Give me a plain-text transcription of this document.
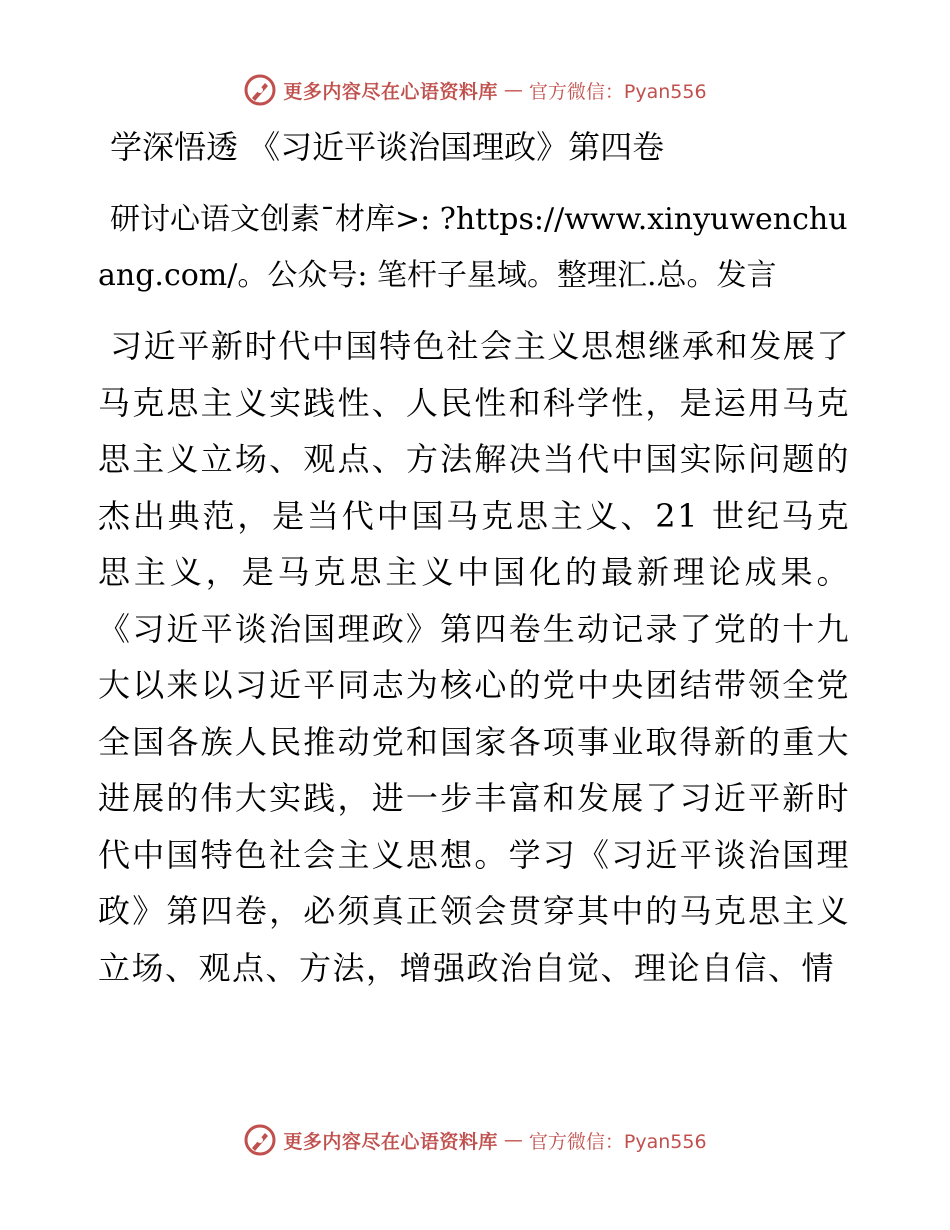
更多内容尽在心语资料库 — 官方微信：Pyan556
学深悟透 《习近平谈治国理政》第四卷

研讨心语文创素¯材库>: ?https://www.xinyuwenchuang.com/。公众号: 笔杆子星域。整理汇.总。发言

习近平新时代中国特色社会主义思想继承和发展了马克思主义实践性、人民性和科学性，是运用马克思主义立场、观点、方法解决当代中国实际问题的杰出典范，是当代中国马克思主义、21 世纪马克思主义，是马克思主义中国化的最新理论成果。《习近平谈治国理政》第四卷生动记录了党的十九大以来以习近平同志为核心的党中央团结带领全党全国各族人民推动党和国家各项事业取得新的重大进展的伟大实践，进一步丰富和发展了习近平新时代中国特色社会主义思想。学习《习近平谈治国理政》第四卷，必须真正领会贯穿其中的马克思主义立场、观点、方法，增强政治自觉、理论自信、情

更多内容尽在心语资料库 — 官方微信：Pyan556
